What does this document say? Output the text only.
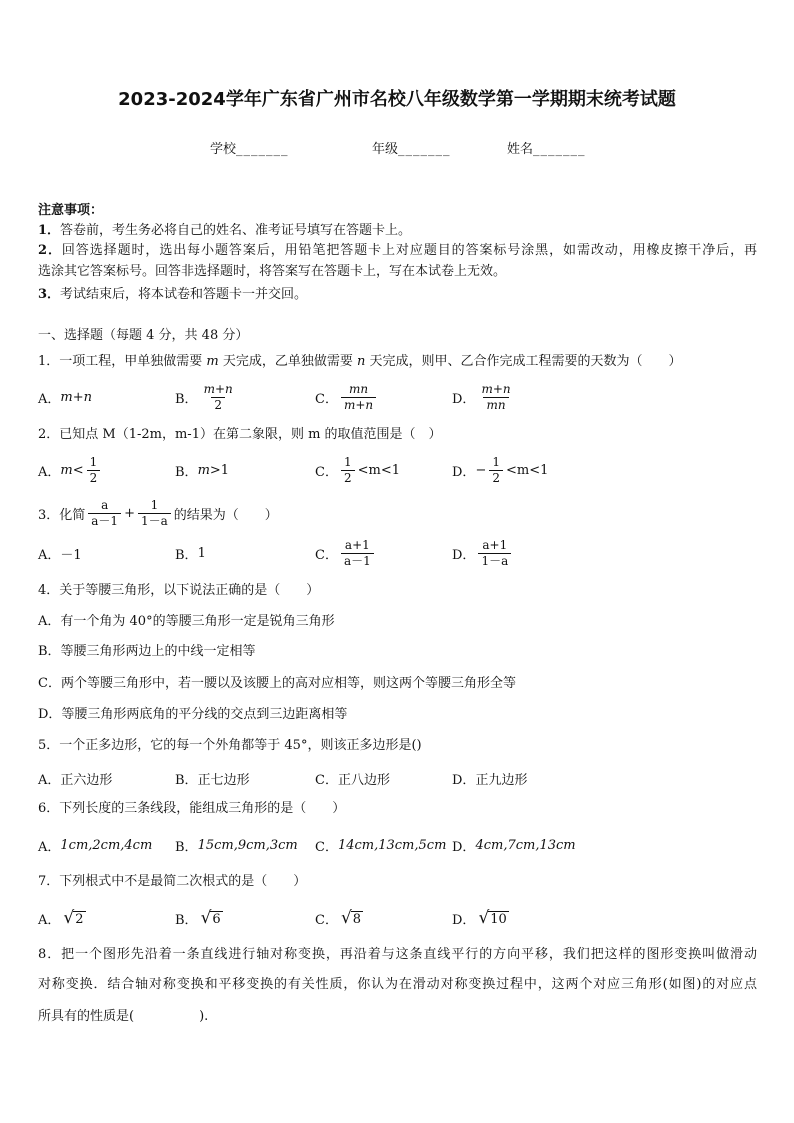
2023-2024学年广东省广州市名校八年级数学第一学期期末统考试题
学校_______	年级_______	姓名_______
注意事项：
1．答卷前，考生务必将自己的姓名、准考证号填写在答题卡上。
2．回答选择题时，选出每小题答案后，用铅笔把答题卡上对应题目的答案标号涂黑，如需改动，用橡皮擦干净后，再
选涂其它答案标号。回答非选择题时，将答案写在答题卡上，写在本试卷上无效。
3．考试结束后，将本试卷和答题卡一并交回。
一、选择题（每题 4 分，共 48 分）
1．一项工程，甲单独做需要 m 天完成，乙单独做需要 n 天完成，则甲、乙合作完成工程需要的天数为（　　）
A． m+n	B． $\frac{m+n}{2}$	C． $\frac{mn}{m+n}$	D． $\frac{m+n}{mn}$
2．已知点 M（1-2m，m-1）在第二象限，则 m 的取值范围是（　）
A． $m < \frac{1}{2}$	B． m >1	C． $\frac{1}{2} <m<1$	D． − $\frac{1}{2} <m<1$
3．化简 $\frac{a}{a-1} + \frac{1}{1-a}$ 的结果为（　　）
A． －1	B． 1	C． $\frac{a+1}{a-1}$	D． $\frac{a+1}{1-a}$
4．关于等腰三角形，以下说法正确的是（　　）
A．有一个角为 40°的等腰三角形一定是锐角三角形
B．等腰三角形两边上的中线一定相等
C．两个等腰三角形中，若一腰以及该腰上的高对应相等，则这两个等腰三角形全等
D．等腰三角形两底角的平分线的交点到三边距离相等
5．一个正多边形，它的每一个外角都等于 45°，则该正多边形是()
A． 正六边形	B． 正七边形	C． 正八边形	D． 正九边形
6．下列长度的三条线段，能组成三角形的是（　　）
A． 1cm,2cm,4cm B． 15cm,9cm,3cm C． 14cm,13cm,5cm D． 4cm,7cm,13cm
7．下列根式中不是最简二次根式的是（　　）
A． √ 2	B． √ 6	C． √ 8	D． √ 10
8．把一个图形先沿着一条直线进行轴对称变换，再沿着与这条直线平行的方向平移，我们把这样的图形变换叫做滑动
对称变换．结合轴对称变换和平移变换的有关性质，你认为在滑动对称变换过程中，这两个对应三角形(如图)的对应点
所具有的性质是(　　　　　).
